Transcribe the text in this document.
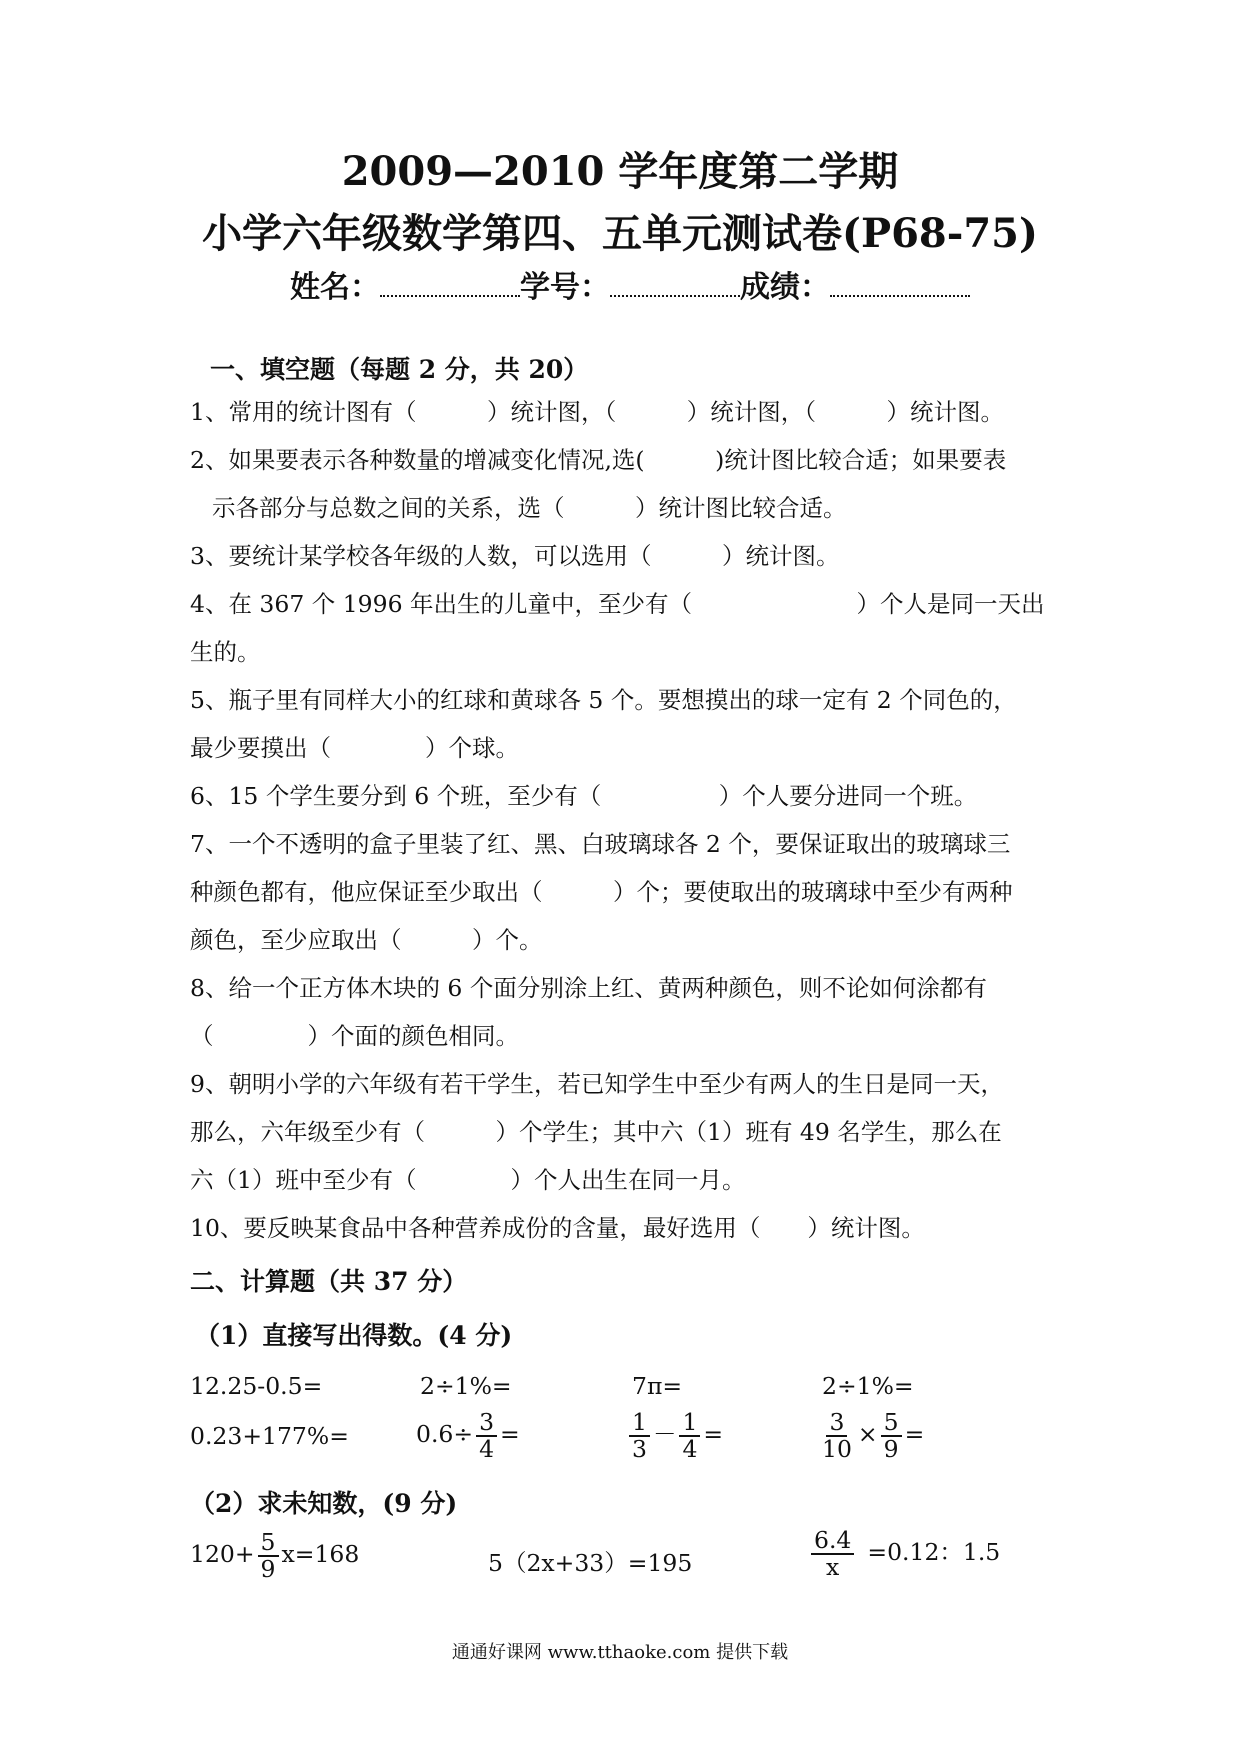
2009—2010 学年度第二学期
小学六年级数学第四、五单元测试卷(P68-75)
姓名：	学号：	成绩：
一、填空题（每题 2 分，共 20）
1、常用的统计图有（　　　）统计图，（　　　）统计图，（　　　）统计图。
2、如果要表示各种数量的增减变化情况,选(　　　)统计图比较合适；如果要表
示各部分与总数之间的关系，选（　　　）统计图比较合适。
3、要统计某学校各年级的人数，可以选用（　　　）统计图。
4、在 367 个 1996 年出生的儿童中，至少有（　　　　　　　）个人是同一天出
生的。
5、瓶子里有同样大小的红球和黄球各 5 个。要想摸出的球一定有 2 个同色的，
最少要摸出（　　　　）个球。
6、15 个学生要分到 6 个班，至少有（　　　　　）个人要分进同一个班。
7、一个不透明的盒子里装了红、黑、白玻璃球各 2 个，要保证取出的玻璃球三
种颜色都有，他应保证至少取出（　　　）个；要使取出的玻璃球中至少有两种
颜色，至少应取出（　　　）个。
8、给一个正方体木块的 6 个面分别涂上红、黄两种颜色，则不论如何涂都有
（　　　　）个面的颜色相同。
9、朝明小学的六年级有若干学生，若已知学生中至少有两人的生日是同一天，
那么，六年级至少有（　　　）个学生；其中六（1）班有 49 名学生，那么在
六（1）班中至少有（　　　　）个人出生在同一月。
10、要反映某食品中各种营养成份的含量，最好选用（　　）统计图。
二、计算题（共 37 分）
（1）直接写出得数。(4 分)
12.25-0.5=	2÷1%=	7π=	2÷1%=
0.23+177%=	$0.6\div \frac{3}{4}$ =	$\frac{1}{3} - \frac{1}{4}$ =	$\frac{3}{10} \times \frac{5}{9}$ =
（2）求未知数，(9 分)
$120+ \frac{5}{9} x=168$	5（2x+33）=195	$\frac{6.4}{x} =0.12$：1.5
通通好课网 www.tthaoke.com 提供下载
